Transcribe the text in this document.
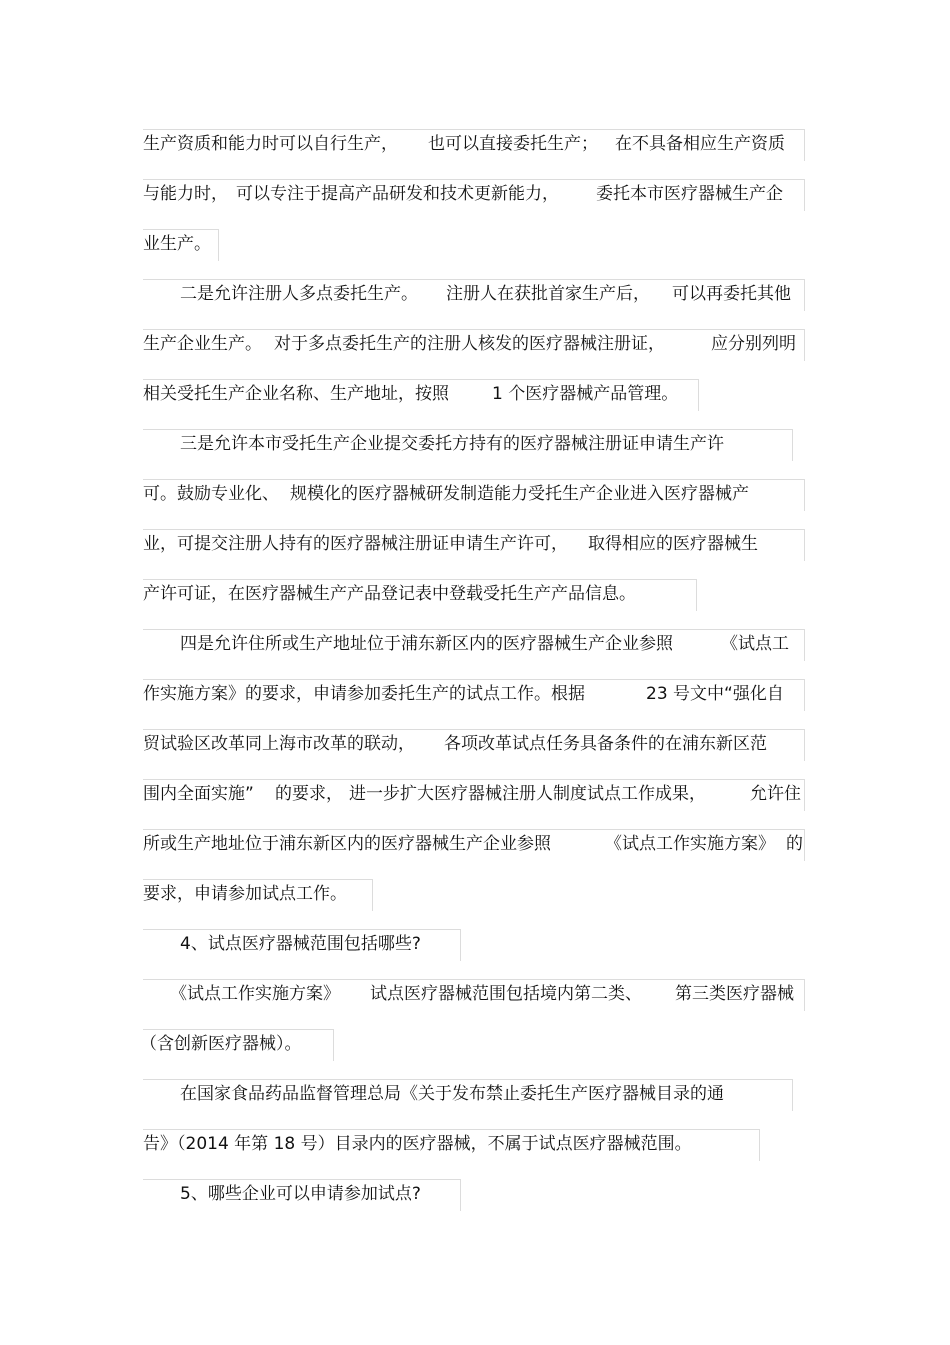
生产资质和能力时可以自行生产， 也可以直接委托生产； 在不具备相应生产资质
与能力时， 可以专注于提高产品研发和技术更新能力， 委托本市医疗器械生产企
业生产。
二是允许注册人多点委托生产。 注册人在获批首家生产后， 可以再委托其他
生产企业生产。 对于多点委托生产的注册人核发的医疗器械注册证，	应分别列明
相关受托生产企业名称、生产地址，按照	1 个医疗器械产品管理。
三是允许本市受托生产企业提交委托方持有的医疗器械注册证申请生产许
可。鼓励专业化、 规模化的医疗器械研发制造能力受托生产企业进入医疗器械产
业，可提交注册人持有的医疗器械注册证申请生产许可， 取得相应的医疗器械生
产许可证，在医疗器械生产产品登记表中登载受托生产产品信息。
四是允许住所或生产地址位于浦东新区内的医疗器械生产企业参照	《试点工
作实施方案》的要求，申请参加委托生产的试点工作。根据	23 号文中“强化自
贸试验区改革同上海市改革的联动， 各项改革试点任务具备条件的在浦东新区范
围内全面实施” 的要求， 进一步扩大医疗器械注册人制度试点工作成果，	允许住
所或生产地址位于浦东新区内的医疗器械生产企业参照	《试点工作实施方案》 的
要求，申请参加试点工作。
4、试点医疗器械范围包括哪些?
《试点工作实施方案》 试点医疗器械范围包括境内第二类、 第三类医疗器械
（含创新医疗器械）。
在国家食品药品监督管理总局《关于发布禁止委托生产医疗器械目录的通
告》（2014 年第 18 号）目录内的医疗器械，不属于试点医疗器械范围。
5、哪些企业可以申请参加试点?
